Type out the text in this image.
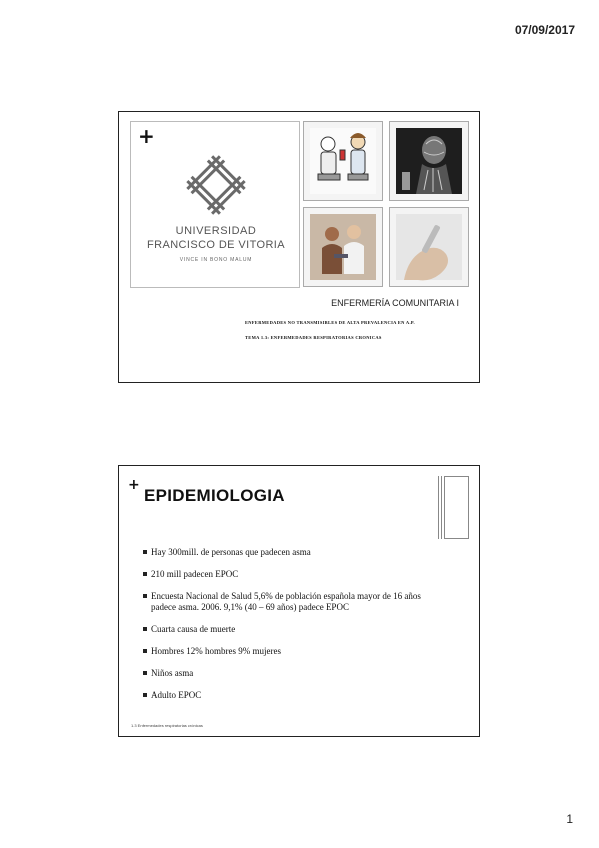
07/09/2017
+
UNIVERSIDAD
FRANCISCO DE VITORIA
VINCE IN BONO MALUM
ENFERMERÍA COMUNITARIA I
ENFERMEDADES NO TRANSMISIBLES DE ALTA PREVALENCIA EN A.P.
TEMA 1.3: ENFERMEDADES RESPIRATORIAS CRONICAS
+
EPIDEMIOLOGIA
Hay 300mill. de personas que padecen asma
210 mill padecen EPOC
Encuesta Nacional de Salud 5,6% de población española mayor de 16 años padece asma. 2006. 9,1% (40 – 69 años) padece EPOC
Cuarta causa de muerte
Hombres 12% hombres 9% mujeres
Niños asma
Adulto EPOC
1.3 Enfermedades respiratorias crónicas
1
